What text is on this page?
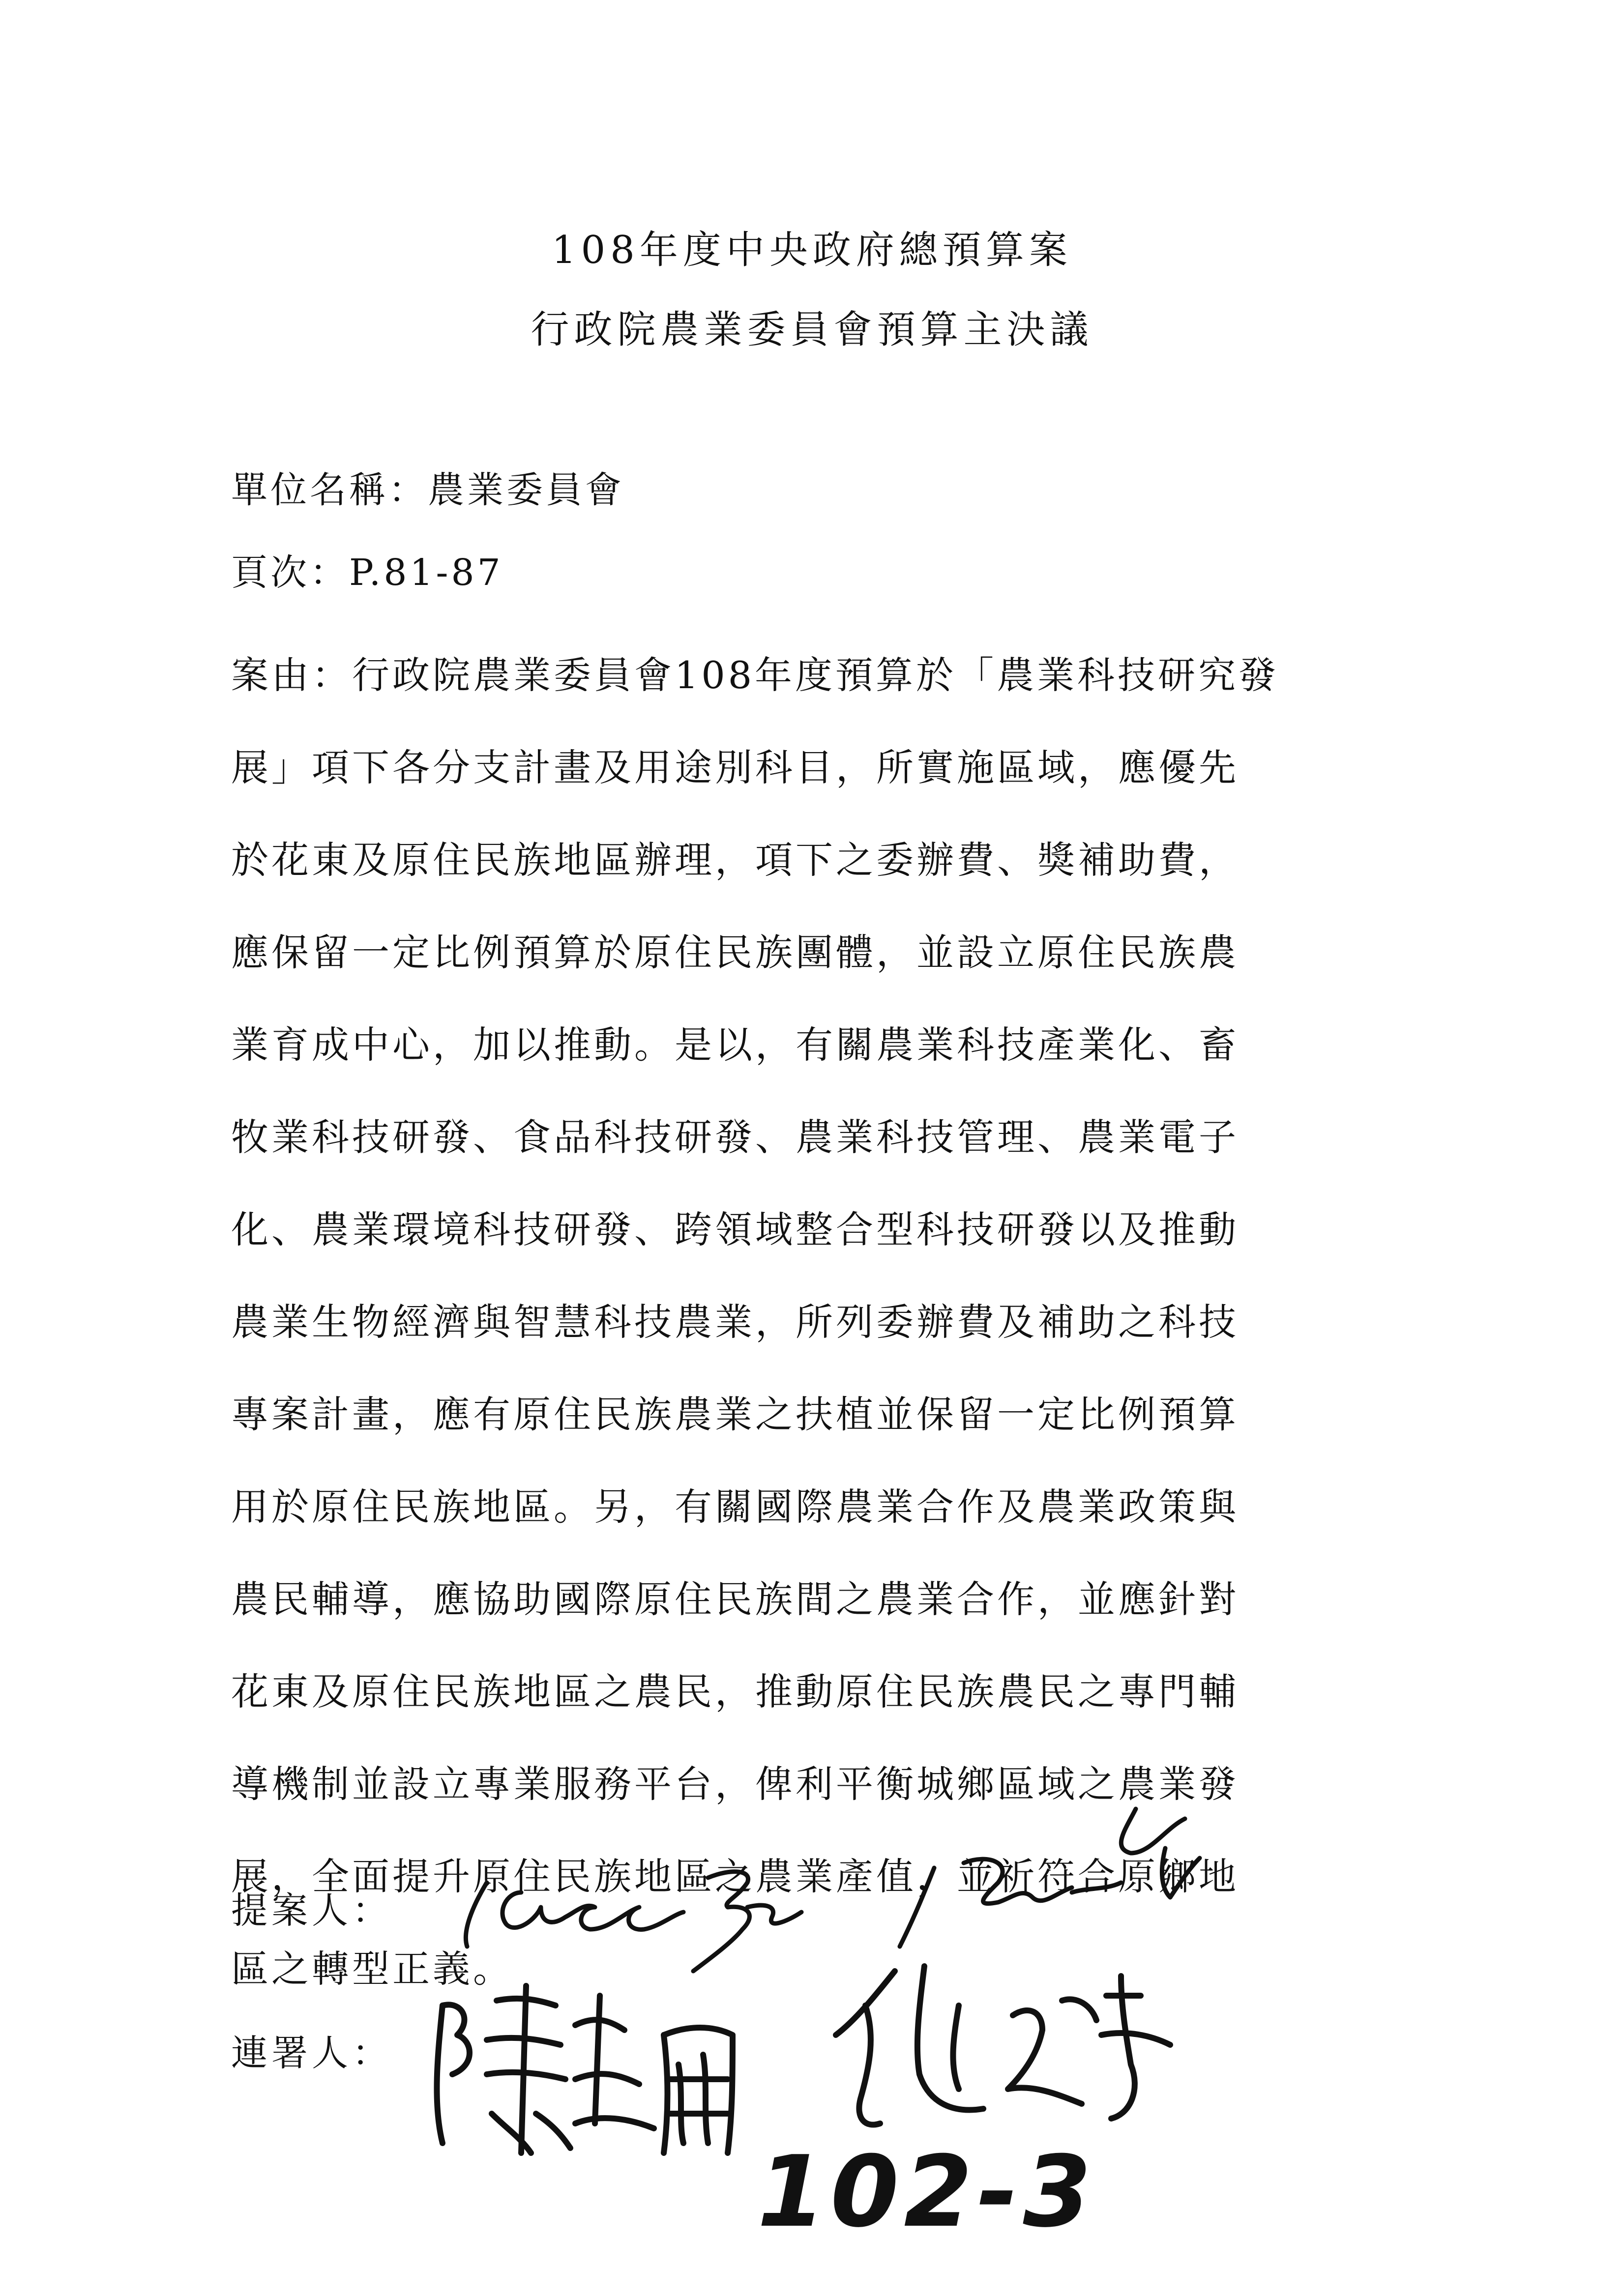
108年度中央政府總預算案
行政院農業委員會預算主決議
單位名稱：農業委員會
頁次：P.81-87
案由：行政院農業委員會108年度預算於「農業科技研究發
展」項下各分支計畫及用途別科目，所實施區域，應優先
於花東及原住民族地區辦理，項下之委辦費、獎補助費，
應保留一定比例預算於原住民族團體，並設立原住民族農
業育成中心，加以推動。是以，有關農業科技產業化、畜
牧業科技研發、食品科技研發、農業科技管理、農業電子
化、農業環境科技研發、跨領域整合型科技研發以及推動
農業生物經濟與智慧科技農業，所列委辦費及補助之科技
專案計畫，應有原住民族農業之扶植並保留一定比例預算
用於原住民族地區。另，有關國際農業合作及農業政策與
農民輔導，應協助國際原住民族間之農業合作，並應針對
花東及原住民族地區之農民，推動原住民族農民之專門輔
導機制並設立專業服務平台，俾利平衡城鄉區域之農業發
展，全面提升原住民族地區之農業產值，並祈符合原鄉地
區之轉型正義。
提案人：
連署人：
102-3
